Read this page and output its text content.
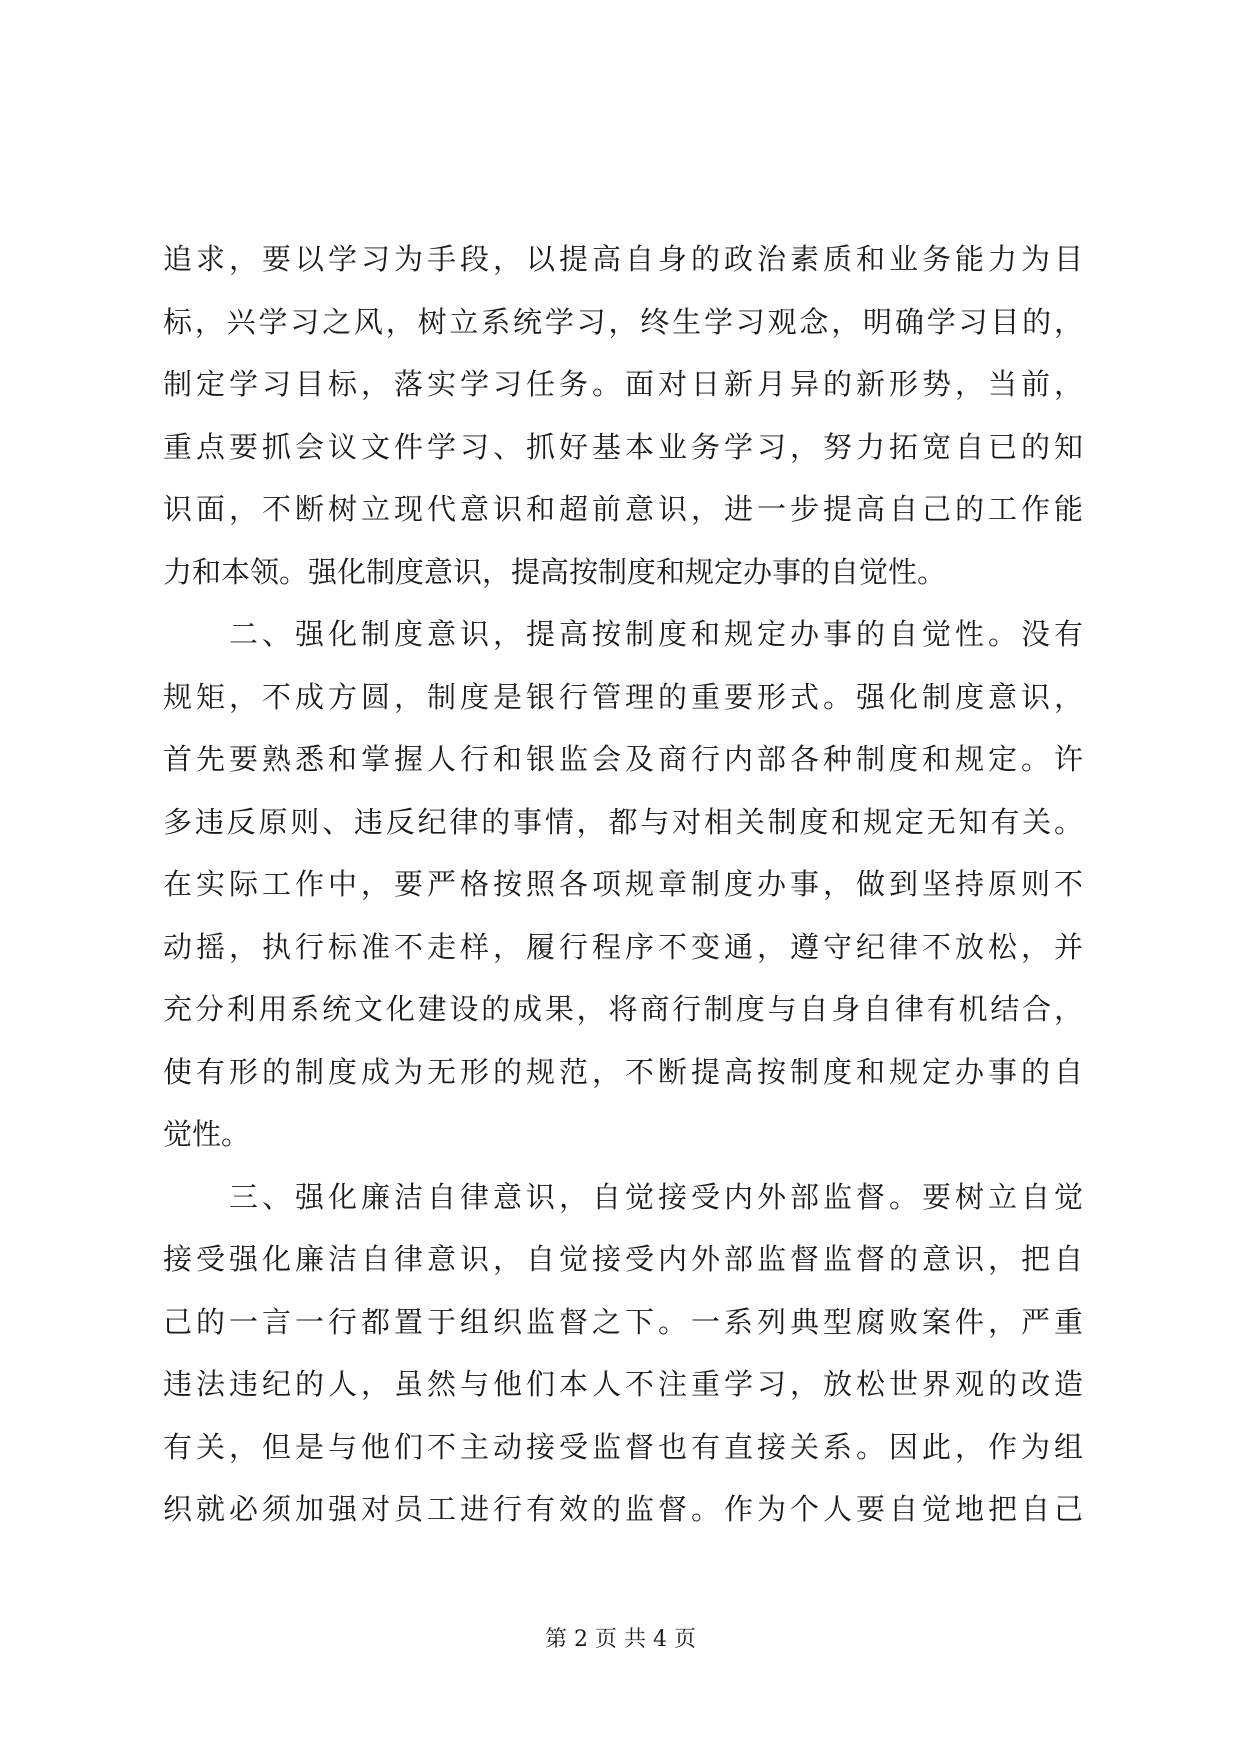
追求，要以学习为手段，以提高自身的政治素质和业务能力为目
标，兴学习之风，树立系统学习，终生学习观念，明确学习目的，
制定学习目标，落实学习任务。面对日新月异的新形势，当前，
重点要抓会议文件学习、抓好基本业务学习，努力拓宽自已的知
识面，不断树立现代意识和超前意识，进一步提高自己的工作能
力和本领。强化制度意识，提高按制度和规定办事的自觉性。
二、强化制度意识，提高按制度和规定办事的自觉性。没有
规矩，不成方圆，制度是银行管理的重要形式。强化制度意识，
首先要熟悉和掌握人行和银监会及商行内部各种制度和规定。许
多违反原则、违反纪律的事情，都与对相关制度和规定无知有关。
在实际工作中，要严格按照各项规章制度办事，做到坚持原则不
动摇，执行标准不走样，履行程序不变通，遵守纪律不放松，并
充分利用系统文化建设的成果，将商行制度与自身自律有机结合，
使有形的制度成为无形的规范，不断提高按制度和规定办事的自
觉性。
三、强化廉洁自律意识，自觉接受内外部监督。要树立自觉
接受强化廉洁自律意识，自觉接受内外部监督监督的意识，把自
己的一言一行都置于组织监督之下。一系列典型腐败案件，严重
违法违纪的人，虽然与他们本人不注重学习，放松世界观的改造
有关，但是与他们不主动接受监督也有直接关系。因此，作为组
织就必须加强对员工进行有效的监督。作为个人要自觉地把自己
第 2 页 共 4 页
